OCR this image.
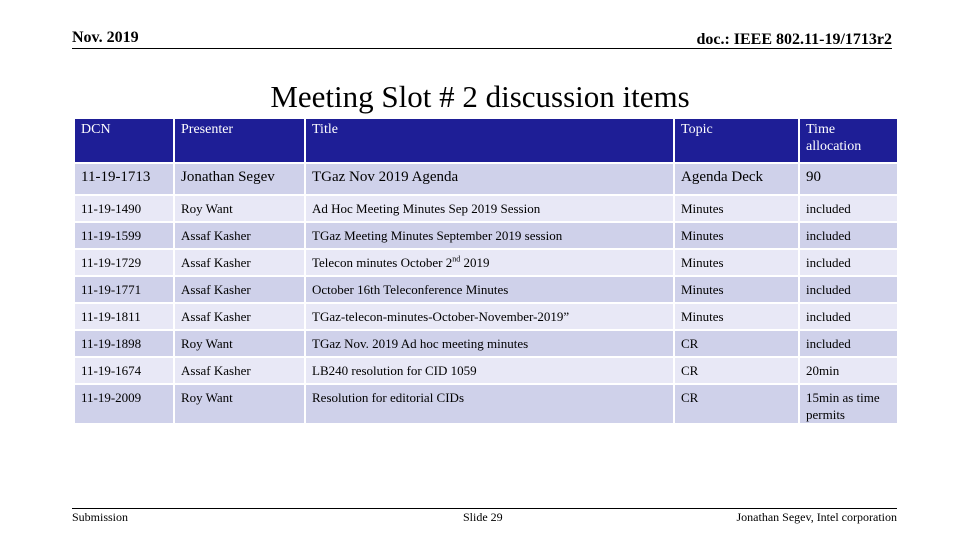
Nov. 2019	doc.: IEEE 802.11-19/1713r2
Meeting Slot # 2 discussion items
DCN	Presenter	Title	Topic	Time allocation
11-19-1713	Jonathan Segev	TGaz Nov 2019 Agenda	Agenda Deck	90
11-19-1490	Roy Want	Ad Hoc Meeting Minutes Sep 2019 Session	Minutes	included
11-19-1599	Assaf Kasher	TGaz Meeting Minutes September 2019 session	Minutes	included
11-19-1729	Assaf Kasher	Telecon minutes October 2nd 2019	Minutes	included
11-19-1771	Assaf Kasher	October 16th Teleconference Minutes	Minutes	included
11-19-1811	Assaf Kasher	TGaz-telecon-minutes-October-November-2019”	Minutes	included
11-19-1898	Roy Want	TGaz Nov. 2019 Ad hoc meeting minutes	CR	included
11-19-1674	Assaf Kasher	LB240 resolution for CID 1059	CR	20min
11-19-2009	Roy Want	Resolution for editorial CIDs	CR	15min as time permits
Submission	Slide 29	Jonathan Segev, Intel corporation
